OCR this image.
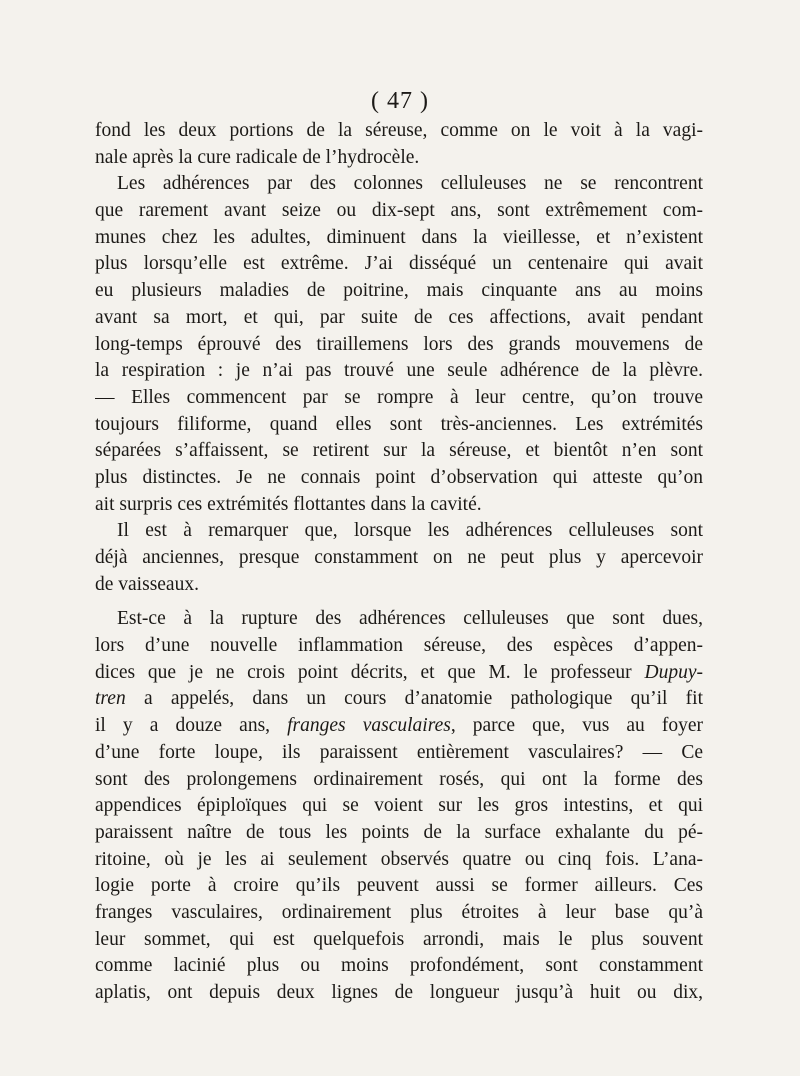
( 47 )
fond les deux portions de la séreuse, comme on le voit à la vagi-
nale après la cure radicale de l’hydrocèle.
Les adhérences par des colonnes celluleuses ne se rencontrent
que rarement avant seize ou dix-sept ans, sont extrêmement com-
munes chez les adultes, diminuent dans la vieillesse, et n’existent
plus lorsqu’elle est extrême. J’ai disséqué un centenaire qui avait
eu plusieurs maladies de poitrine, mais cinquante ans au moins
avant sa mort, et qui, par suite de ces affections, avait pendant
long-temps éprouvé des tiraillemens lors des grands mouvemens de
la respiration : je n’ai pas trouvé une seule adhérence de la plèvre.
— Elles commencent par se rompre à leur centre, qu’on trouve
toujours filiforme, quand elles sont très-anciennes. Les extrémités
séparées s’affaissent, se retirent sur la séreuse, et bientôt n’en sont
plus distinctes. Je ne connais point d’observation qui atteste qu’on
ait surpris ces extrémités flottantes dans la cavité.
Il est à remarquer que, lorsque les adhérences celluleuses sont
déjà anciennes, presque constamment on ne peut plus y apercevoir
de vaisseaux.
Est-ce à la rupture des adhérences celluleuses que sont dues,
lors d’une nouvelle inflammation séreuse, des espèces d’appen-
dices que je ne crois point décrits, et que M. le professeur Dupuy-
tren a appelés, dans un cours d’anatomie pathologique qu’il fit
il y a douze ans, franges vasculaires, parce que, vus au foyer
d’une forte loupe, ils paraissent entièrement vasculaires? — Ce
sont des prolongemens ordinairement rosés, qui ont la forme des
appendices épiploïques qui se voient sur les gros intestins, et qui
paraissent naître de tous les points de la surface exhalante du pé-
ritoine, où je les ai seulement observés quatre ou cinq fois. L’ana-
logie porte à croire qu’ils peuvent aussi se former ailleurs. Ces
franges vasculaires, ordinairement plus étroites à leur base qu’à
leur sommet, qui est quelquefois arrondi, mais le plus souvent
comme lacinié plus ou moins profondément, sont constamment
aplatis, ont depuis deux lignes de longueur jusqu’à huit ou dix,
